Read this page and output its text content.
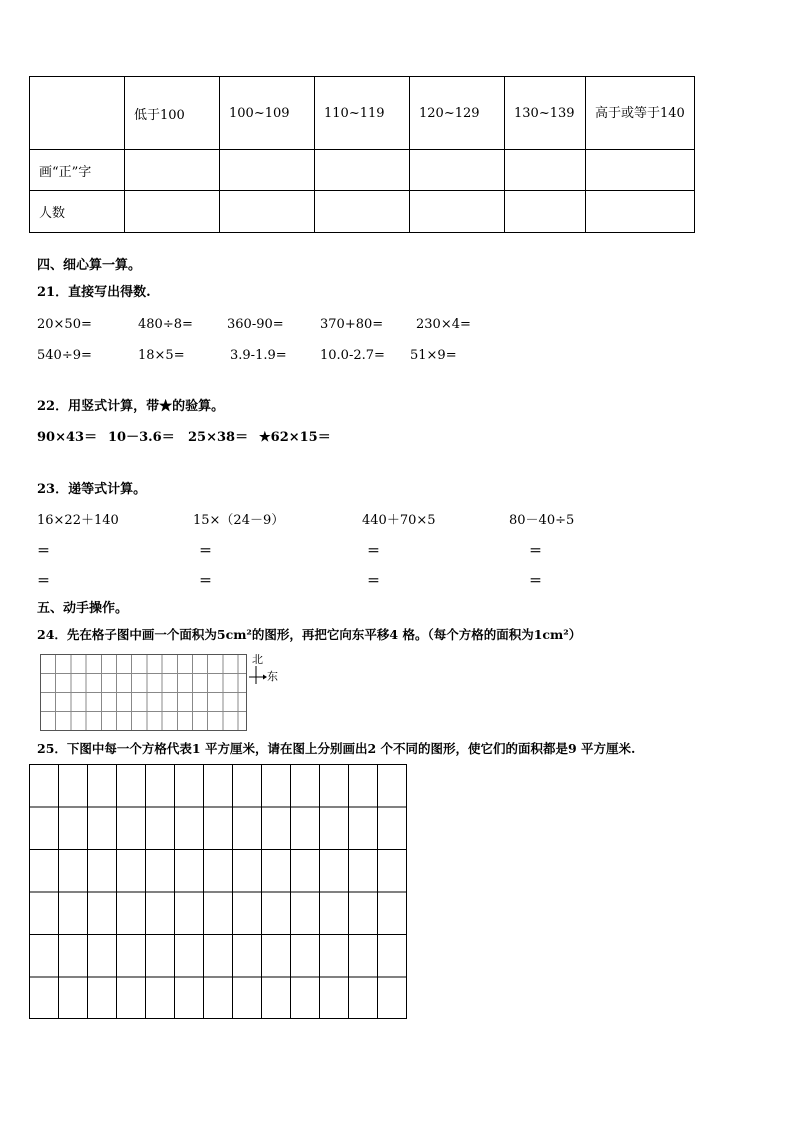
	低于100	100~109	110~119	120~129	130~139	高于或等于140
画“正”字						
人数						
四、细心算一算。
21．直接写出得数.
20×50=	480÷8=	360-90=	370+80=	230×4=
540÷9=	18×5=	3.9-1.9=	10.0-2.7= 51×9=
22．用竖式计算，带★的验算。
90×43＝ 10－3.6＝ 25×38＝ ★62×15＝
23．递等式计算。
16×22＋140	15×（24－9）	440＋70×5	80－40÷5
＝	＝	＝	＝
＝	＝	＝	＝
五、动手操作。
24．先在格子图中画一个面积为5cm²的图形，再把它向东平移4 格。（每个方格的面积为1cm²）
北
东
25．下图中每一个方格代表1 平方厘米，请在图上分别画出2 个不同的图形，使它们的面积都是9 平方厘米.
